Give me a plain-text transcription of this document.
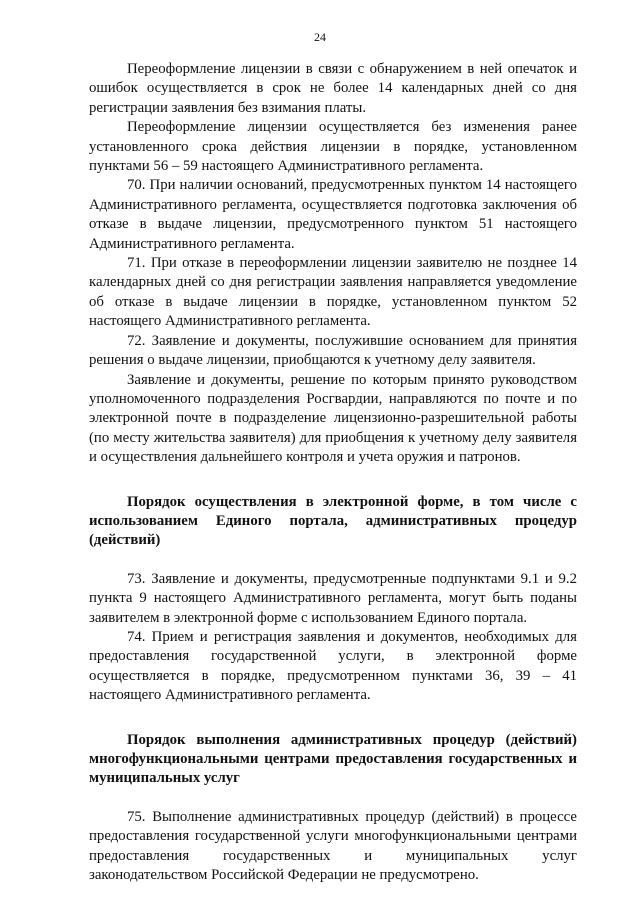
24

Переоформление лицензии в связи с обнаружением в ней опечаток и ошибок осуществляется в срок не более 14 календарных дней со дня регистрации заявления без взимания платы.

Переоформление лицензии осуществляется без изменения ранее установленного срока действия лицензии в порядке, установленном пунктами 56 – 59 настоящего Административного регламента.

70. При наличии оснований, предусмотренных пунктом 14 настоящего Административного регламента, осуществляется подготовка заключения об отказе в выдаче лицензии, предусмотренного пунктом 51 настоящего Административного регламента.

71. При отказе в переоформлении лицензии заявителю не позднее 14 календарных дней со дня регистрации заявления направляется уведомление об отказе в выдаче лицензии в порядке, установленном пунктом 52 настоящего Административного регламента.

72. Заявление и документы, послужившие основанием для принятия решения о выдаче лицензии, приобщаются к учетному делу заявителя.

Заявление и документы, решение по которым принято руководством уполномоченного подразделения Росгвардии, направляются по почте и по электронной почте в подразделение лицензионно-разрешительной работы (по месту жительства заявителя) для приобщения к учетному делу заявителя и осуществления дальнейшего контроля и учета оружия и патронов.

Порядок осуществления в электронной форме, в том числе с использованием Единого портала, административных процедур (действий)

73. Заявление и документы, предусмотренные подпунктами 9.1 и 9.2 пункта 9 настоящего Административного регламента, могут быть поданы заявителем в электронной форме с использованием Единого портала.

74. Прием и регистрация заявления и документов, необходимых для предоставления государственной услуги, в электронной форме осуществляется в порядке, предусмотренном пунктами 36, 39 – 41 настоящего Административного регламента.

Порядок выполнения административных процедур (действий) многофункциональными центрами предоставления государственных и муниципальных услуг

75. Выполнение административных процедур (действий) в процессе предоставления государственной услуги многофункциональными центрами предоставления государственных и муниципальных услуг законодательством Российской Федерации не предусмотрено.
